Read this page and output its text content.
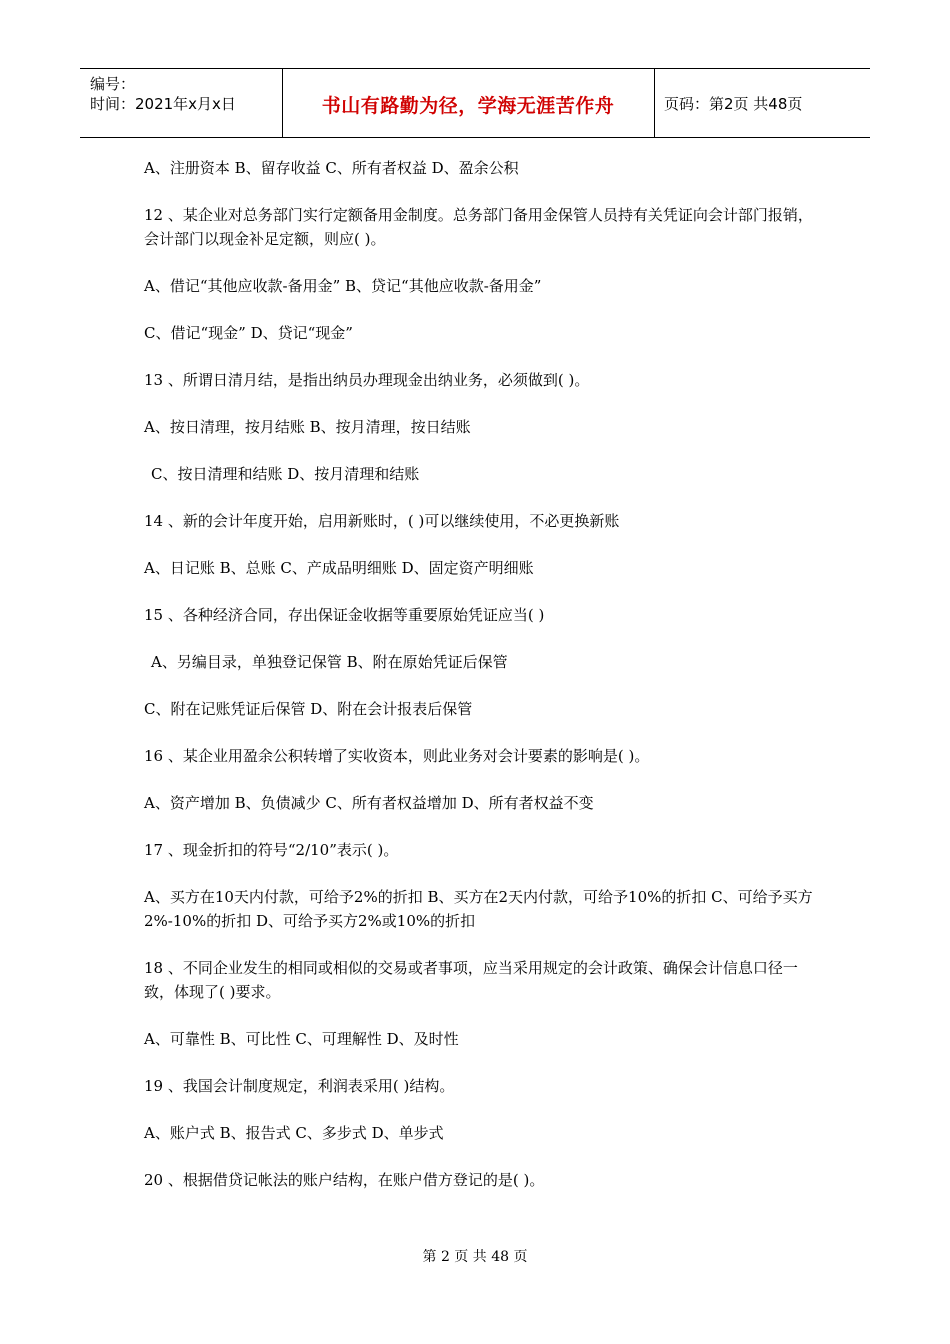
编号：
时间：2021年x月x日	书山有路勤为径，学海无涯苦作舟	页码：第2页 共48页
A、注册资本 B、留存收益 C、所有者权益 D、盈余公积
12 、某企业对总务部门实行定额备用金制度。总务部门备用金保管人员持有关凭证向会计部门报销，会计部门以现金补足定额，则应( )。
A、借记“其他应收款-备用金” B、贷记“其他应收款-备用金”
C、借记“现金” D、贷记“现金”
13 、所谓日清月结，是指出纳员办理现金出纳业务，必须做到( )。
A、按日清理，按月结账 B、按月清理，按日结账
C、按日清理和结账 D、按月清理和结账
14 、新的会计年度开始，启用新账时，( )可以继续使用，不必更换新账
A、日记账 B、总账 C、产成品明细账 D、固定资产明细账
15 、各种经济合同，存出保证金收据等重要原始凭证应当( )
A、另编目录，单独登记保管 B、附在原始凭证后保管
C、附在记账凭证后保管 D、附在会计报表后保管
16 、某企业用盈余公积转增了实收资本，则此业务对会计要素的影响是( )。
A、资产增加 B、负债减少 C、所有者权益增加 D、所有者权益不变
17 、现金折扣的符号“2/10”表示( )。
A、买方在10天内付款，可给予2%的折扣 B、买方在2天内付款，可给予10%的折扣 C、可给予买方2%-10%的折扣 D、可给予买方2%或10%的折扣
18 、不同企业发生的相同或相似的交易或者事项，应当采用规定的会计政策、确保会计信息口径一致，体现了( )要求。
A、可靠性 B、可比性 C、可理解性 D、及时性
19 、我国会计制度规定，利润表采用( )结构。
A、账户式 B、报告式 C、多步式 D、单步式
20 、根据借贷记帐法的账户结构，在账户借方登记的是( )。
第 2 页 共 48 页
